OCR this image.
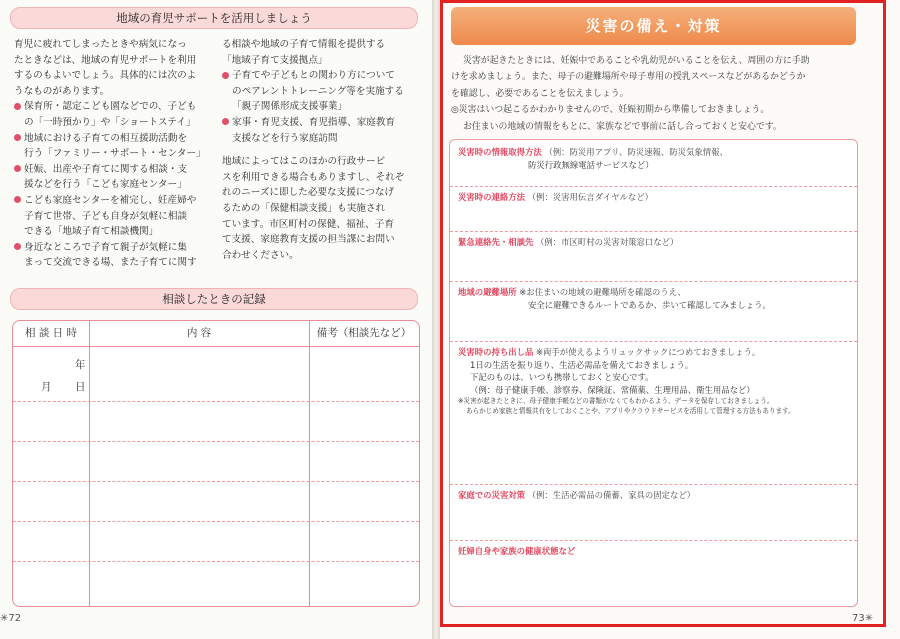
地域の育児サポートを活用しましょう

育児に疲れてしまったときや病気になっ
たときなどは、地域の育児サポートを利用
するのもよいでしょう。具体的には次のよ
うなものがあります。

保育所・認定こども園などでの、子ども
の「一時預かり」や「ショートステイ」

地域における子育ての相互援助活動を
行う「ファミリー・サポート・センター」

妊娠、出産や子育てに関する相談・支
援などを行う「こども家庭センター」

こども家庭センターを補完し、妊産婦や
子育て世帯、子ども自身が気軽に相談
できる「地域子育て相談機関」

身近なところで子育て親子が気軽に集
まって交流できる場、また子育てに関す

る相談や地域の子育て情報を提供する
「地域子育て支援拠点」

子育てや子どもとの関わり方について
のペアレントトレーニング等を実施する
「親子関係形成支援事業」

家事・育児支援、育児指導、家庭教育
支援などを行う家庭訪問

地域によってはこのほかの行政サービ
スを利用できる場合もありますし、それぞ
れのニーズに即した必要な支援につなげ
るための「保健相談支援」も実施され
ています。市区町村の保健、福祉、子育
て支援、家庭教育支援の担当課にお問い
合わせください。

相談したときの記録
相 談 日 時	内 容	備考（相談先など）
年
月 日
✳72
災害の備え・対策

災害が起きたときには、妊娠中であることや乳幼児がいることを伝え、周囲の方に手助

けを求めましょう。また、母子の避難場所や母子専用の授乳スペースなどがあるかどうか

を確認し、必要であることを伝えましょう。

◎災害はいつ起こるかわかりませんので、妊娠初期から準備しておきましょう。

お住まいの地域の情報をもとに、家族などで事前に話し合っておくと安心です。

災害時の情報取得方法 （例：防災用アプリ、防災速報、防災気象情報、
防災行政無線電話サービスなど）
災害時の連絡方法 （例：災害用伝言ダイヤルなど）
緊急連絡先・相談先 （例：市区町村の災害対策窓口など）
地域の避難場所 ※お住まいの地域の避難場所を確認のうえ、
安全に避難できるルートであるか、歩いて確認してみましょう。
災害時の持ち出し品 ※両手が使えるようリュックサックにつめておきましょう。
1日の生活を振り返り、生活必需品を備えておきましょう。
下記のものは、いつも携帯しておくと安心です。
（例：母子健康手帳、診察券、保険証、常備薬、生理用品、衛生用品など）
※災害が起きたときに、母子健康手帳などの書類がなくてもわかるよう、データを保存しておきましょう。
あらかじめ家族と情報共有をしておくことや、アプリやクラウドサービスを活用して管理する方法もあります。
家庭での災害対策 （例：生活必需品の備蓄、家具の固定など）
妊婦自身や家族の健康状態など
73✳
